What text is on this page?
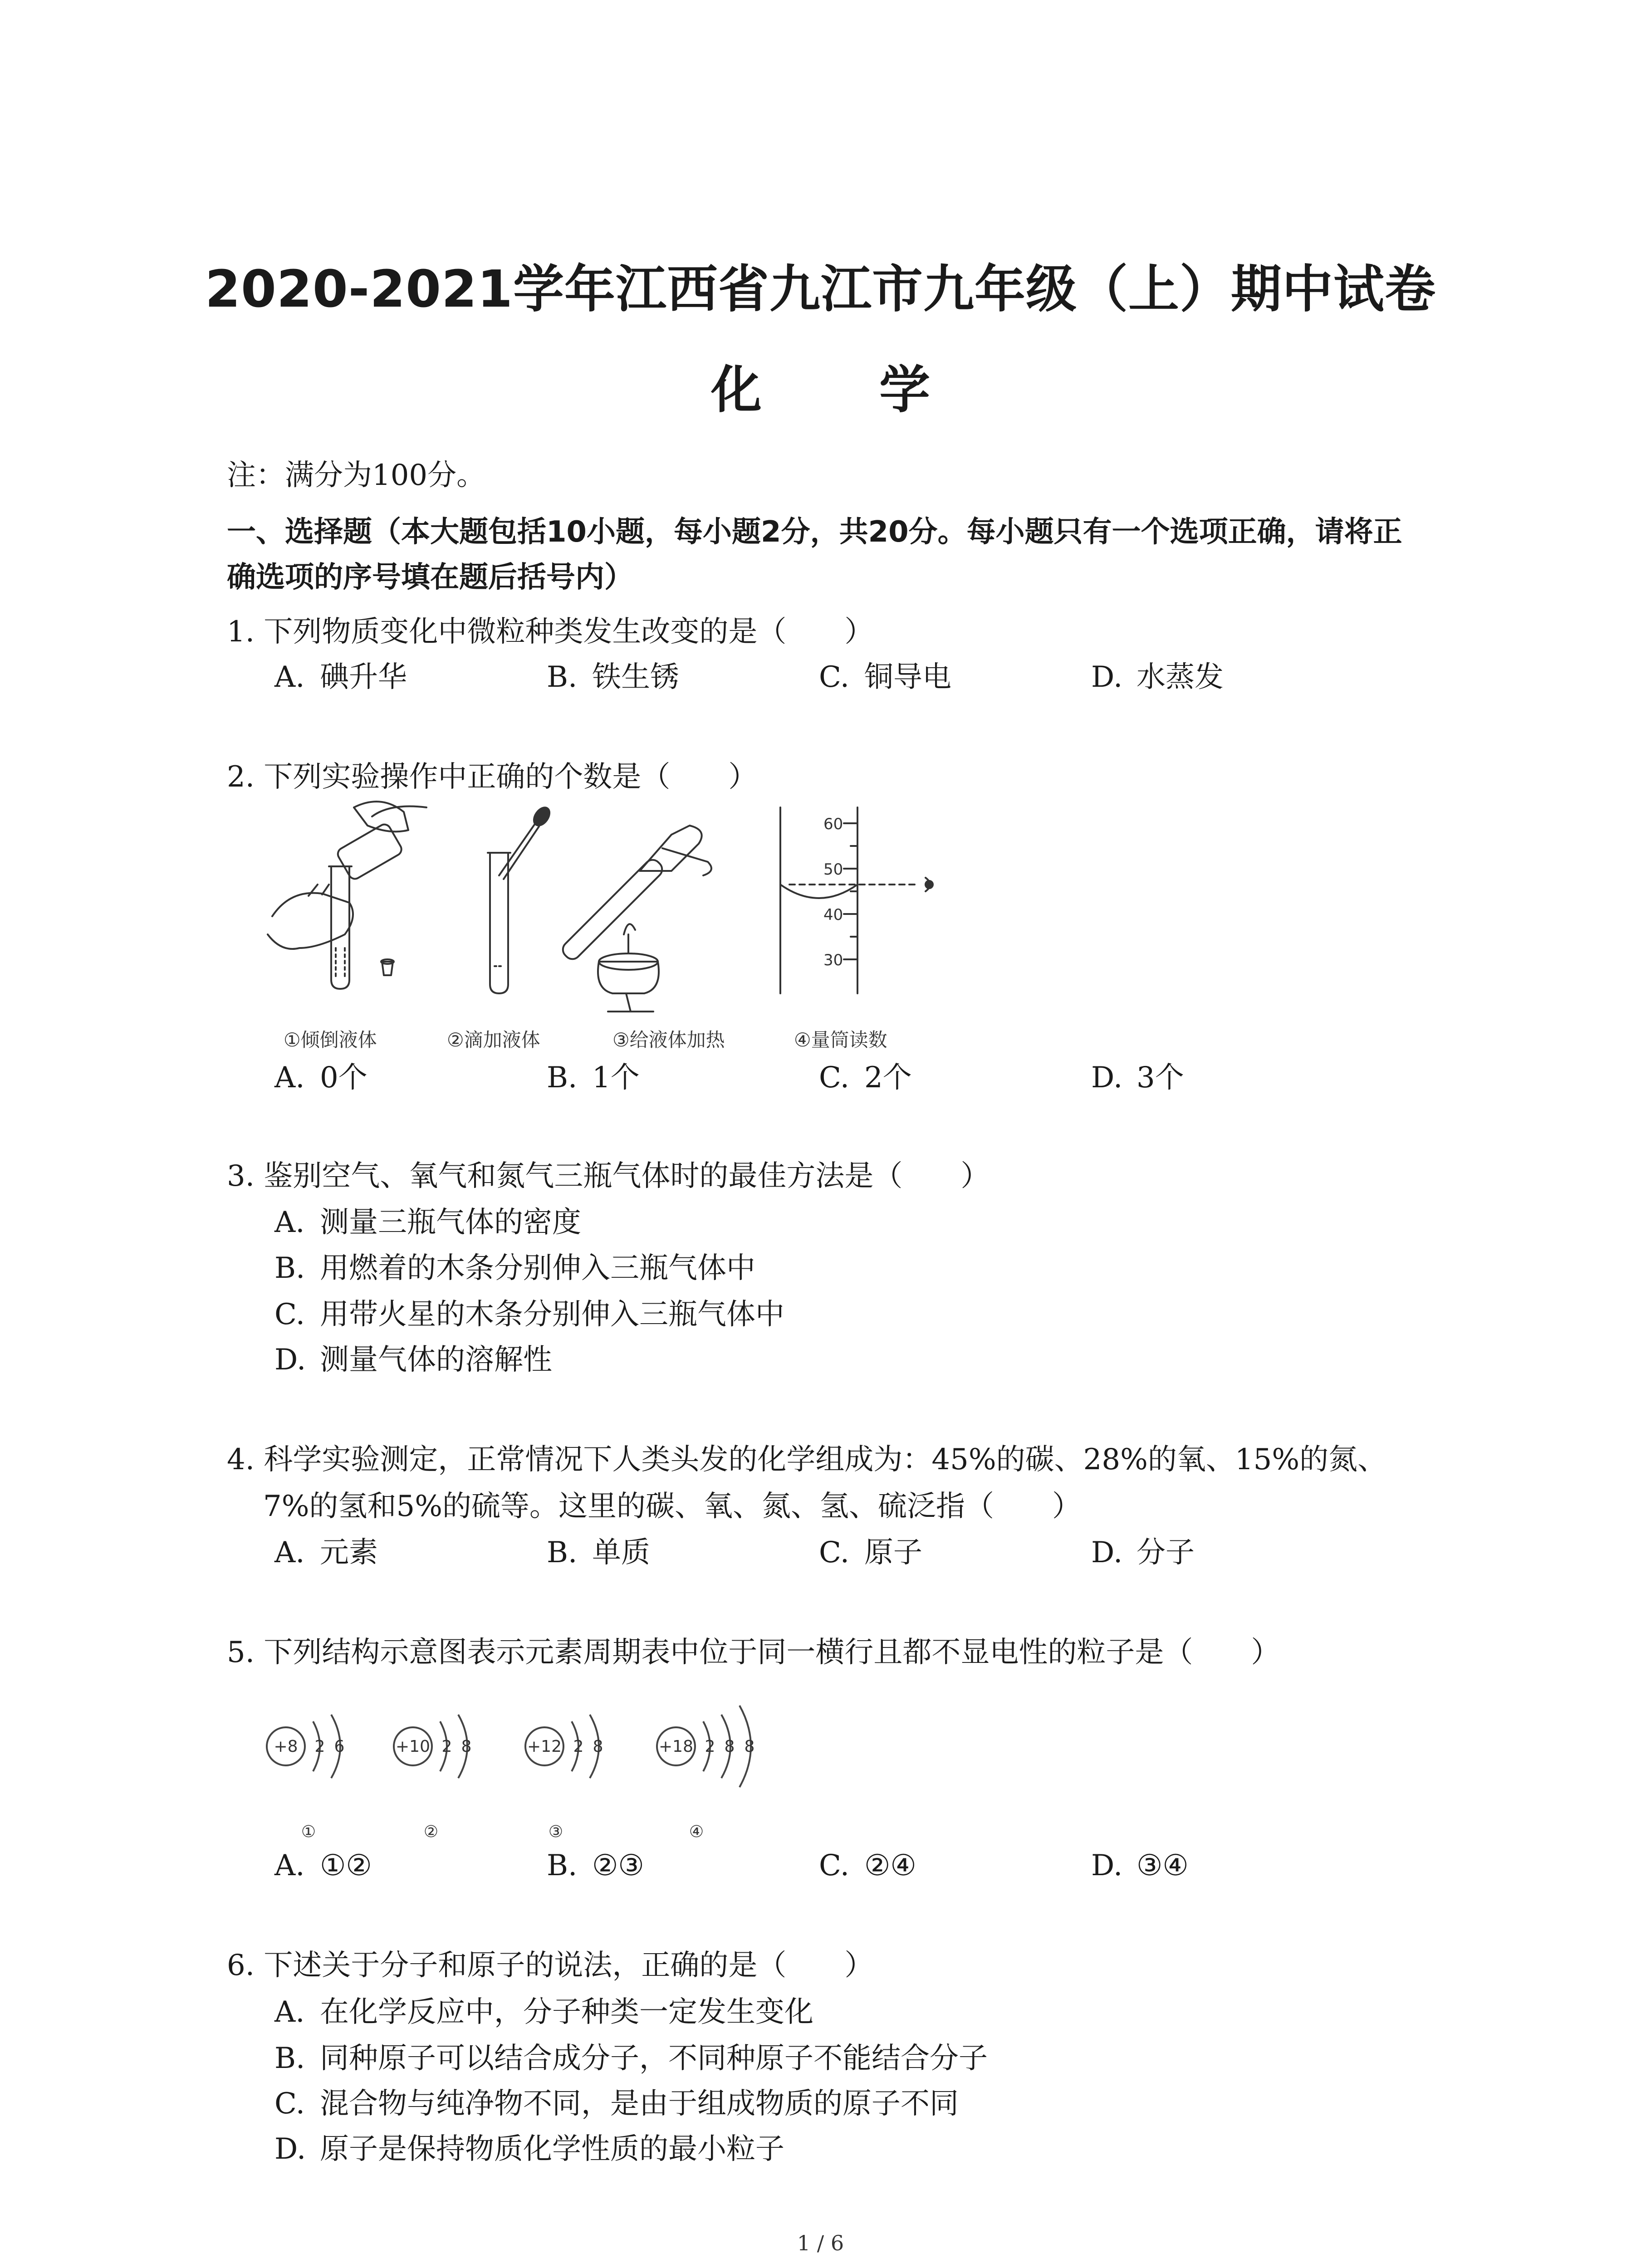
2020-2021学年江西省九江市九年级（上）期中试卷
化 学
注：满分为100分。
一、选择题（本大题包括10小题，每小题2分，共20分。每小题只有一个选项正确，请将正
确选项的序号填在题后括号内）
1. 下列物质变化中微粒种类发生改变的是（　　）
A. 碘升华	B. 铁生锈	C. 铜导电	D. 水蒸发
2. 下列实验操作中正确的个数是（　　）
60
50
40
30
①倾倒液体	②滴加液体	③给液体加热	④量筒读数
A. 0个	B. 1个	C. 2个	D. 3个
3. 鉴别空气、氧气和氮气三瓶气体时的最佳方法是（　　）
A. 测量三瓶气体的密度
B. 用燃着的木条分别伸入三瓶气体中
C. 用带火星的木条分别伸入三瓶气体中
D. 测量气体的溶解性
4. 科学实验测定，正常情况下人类头发的化学组成为：45%的碳、28%的氧、15%的氮、
7%的氢和5%的硫等。这里的碳、氧、氮、氢、硫泛指（　　）
A. 元素	B. 单质	C. 原子	D. 分子
5. 下列结构示意图表示元素周期表中位于同一横行且都不显电性的粒子是（　　）
+8 2 6	+10 2 8	+12 2 8	+18 2 8 8
①	②	③	④
A. ①②	B. ②③	C. ②④	D. ③④
6. 下述关于分子和原子的说法，正确的是（　　）
A. 在化学反应中，分子种类一定发生变化
B. 同种原子可以结合成分子，不同种原子不能结合分子
C. 混合物与纯净物不同，是由于组成物质的原子不同
D. 原子是保持物质化学性质的最小粒子
1 / 6
